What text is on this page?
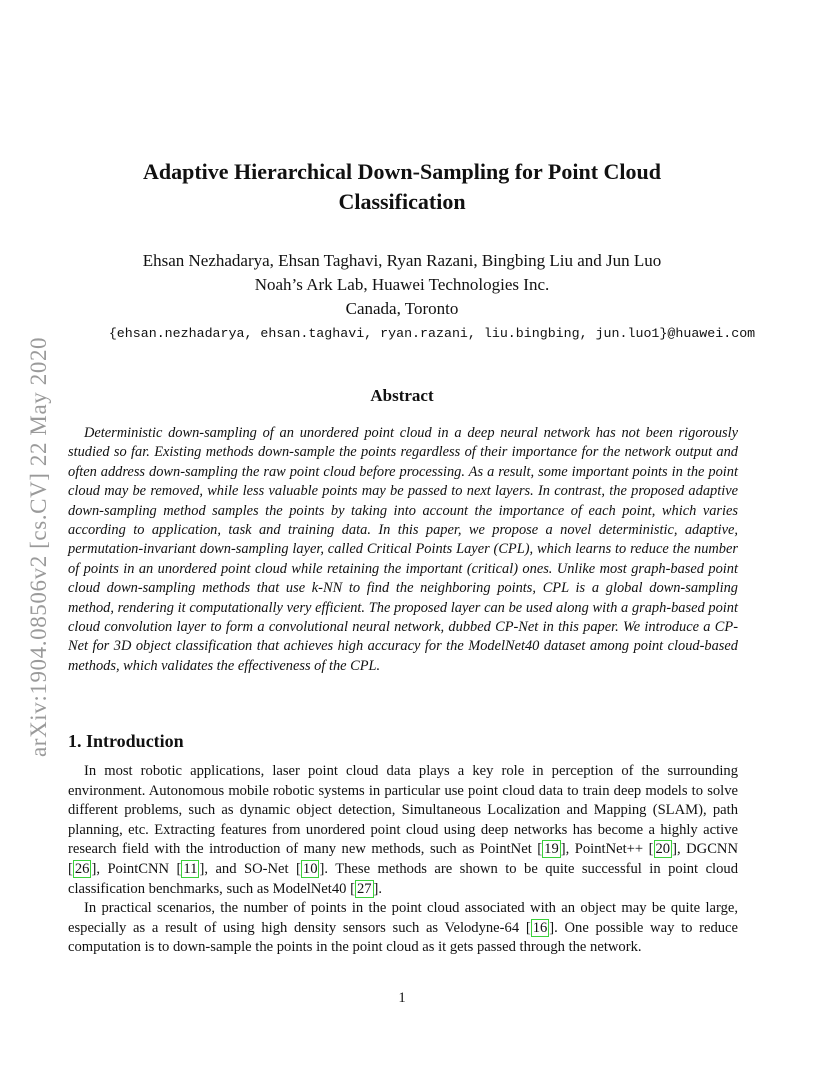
arXiv:1904.08506v2 [cs.CV] 22 May 2020
Adaptive Hierarchical Down-Sampling for Point Cloud Classification

Ehsan Nezhadarya, Ehsan Taghavi, Ryan Razani, Bingbing Liu and Jun Luo

Noah’s Ark Lab, Huawei Technologies Inc.

Canada, Toronto

{ehsan.nezhadarya, ehsan.taghavi, ryan.razani, liu.bingbing, jun.luo1}@huawei.com

Abstract

Deterministic down-sampling of an unordered point cloud in a deep neural network has not been rigorously studied so far. Existing methods down-sample the points regardless of their importance for the network output and often address down-sampling the raw point cloud before processing. As a result, some important points in the point cloud may be removed, while less valuable points may be passed to next layers. In contrast, the proposed adaptive down-sampling method samples the points by taking into account the importance of each point, which varies according to application, task and training data. In this paper, we propose a novel deterministic, adaptive, permutation-invariant down-sampling layer, called Critical Points Layer (CPL), which learns to reduce the number of points in an unordered point cloud while retaining the important (critical) ones. Unlike most graph-based point cloud down-sampling methods that use k-NN to find the neighboring points, CPL is a global down-sampling method, rendering it computationally very efficient. The proposed layer can be used along with a graph-based point cloud convolution layer to form a convolutional neural network, dubbed CP-Net in this paper. We introduce a CP-Net for 3D object classification that achieves high accuracy for the ModelNet40 dataset among point cloud-based methods, which validates the effectiveness of the CPL.

1. Introduction

In most robotic applications, laser point cloud data plays a key role in perception of the surrounding environment. Autonomous mobile robotic systems in particular use point cloud data to train deep models to solve different problems, such as dynamic object detection, Simultaneous Localization and Mapping (SLAM), path planning, etc. Extracting features from unordered point cloud using deep networks has become a highly active research field with the introduction of many new methods, such as PointNet [ 19 ], PointNet++ [ 20 ], DGCNN [ 26 ], PointCNN [ 11 ], and SO-Net [ 10 ]. These methods are shown to be quite successful in point cloud classification benchmarks, such as ModelNet40 [ 27 ].

In practical scenarios, the number of points in the point cloud associated with an object may be quite large, especially as a result of using high density sensors such as Velodyne-64 [ 16 ]. One possible way to reduce computation is to down-sample the points in the point cloud as it gets passed through the network.

1
